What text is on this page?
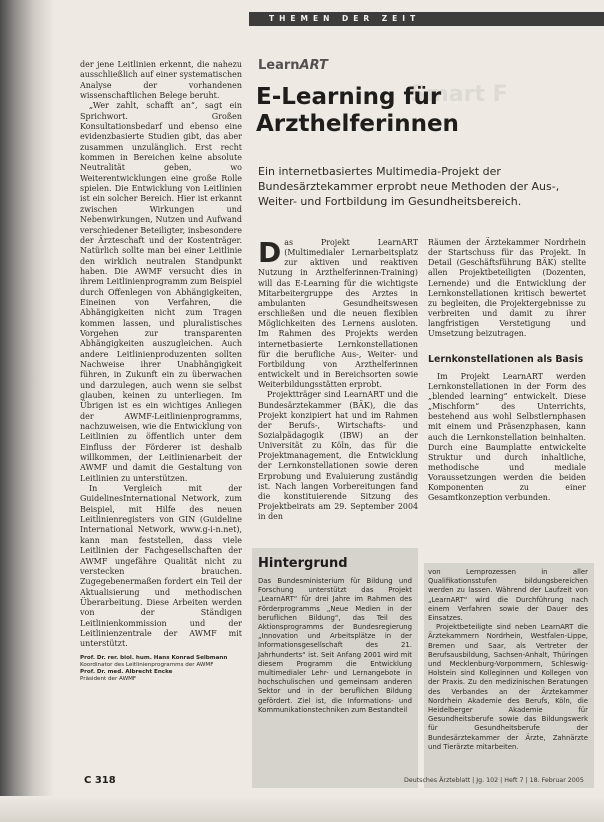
THEMEN DER ZEIT

der jene Leitlinien erkennt, die nahezu ausschließlich auf einer systematischen Analyse der vorhandenen wissenschaftlichen Belege beruht.

„Wer zahlt, schafft an“, sagt ein Sprichwort. Großen Konsultationsbedarf und ebenso eine evidenzbasierte Studien gibt, das aber zusammen unzulänglich. Erst recht kommen in Bereichen keine absolute Neutralität geben, wo Weiterentwicklungen eine große Rolle spielen. Die Entwicklung von Leitlinien ist ein solcher Bereich. Hier ist erkannt zwischen Wirkungen und Nebenwirkungen, Nutzen und Aufwand verschiedener Beteiligter, insbesondere der Ärzteschaft und der Kostenträger. Natürlich sollte man bei einer Leitlinie den wirklich neutralen Standpunkt haben. Die AWMF versucht dies in ihrem Leitlinienprogramm zum Beispiel durch Offenlegen von Abhängigkeiten, Eineinen von Verfahren, die Abhängigkeiten nicht zum Tragen kommen lassen, und pluralistisches Vorgehen zur transparenten Abhängigkeiten auszugleichen. Auch andere Leitlinienproduzenten sollten Nachweise ihrer Unabhängigkeit führen, in Zukunft ein zu überwachen und darzulegen, auch wenn sie selbst glauben, keinen zu unterliegen. Im Übrigen ist es ein wichtiges Anliegen der AWMF-Leitlinienprogramms, nachzuweisen, wie die Entwicklung von Leitlinien zu öffentlich unter dem Einfluss der Förderer ist deshalb willkommen, der Leitlinienarbeit der AWMF und damit die Gestaltung von Leitlinien zu unterstützen.

In Vergleich mit der GuidelinesInternational Network, zum Beispiel, mit Hilfe des neuen Leitlinienregisters von GIN (Guideline International Network, www.g-i-n.net), kann man feststellen, dass viele Leitlinien der Fachgesellschaften der AWMF ungefähre Qualität nicht zu verstecken brauchen. Zugegebenermaßen fordert ein Teil der Aktualisierung und methodischen Überarbeitung. Diese Arbeiten werden von der Ständigen Leitlinienkommission und der Leitlinienzentrale der AWMF mit unterstützt.

Prof. Dr. rer. biol. hum. Hans Konrad Selbmann
Koordinator des Leitlinienprogramms der AWMF
Prof. Dr. med. Albrecht Encke
Präsident der AWMF
Smart F
LearnART
E-Learning für
Arzthelferinnen
Ein internetbasiertes Multimedia-Projekt der Bundesärztekammer erprobt neue Methoden der Aus-, Weiter- und Fortbildung im Gesundheitsbereich.

Das Projekt LearnART (Multimedialer Lernarbeitsplatz zur aktiven und reaktiven Nutzung in Arzthelferinnen-Training) will das E-Learning für die wichtigste Mitarbeitergruppe des Arztes in ambulanten Gesundheitswesen erschließen und die neuen flexiblen Möglichkeiten des Lernens ausloten. Im Rahmen des Projekts werden internetbasierte Lernkonstellationen für die berufliche Aus-, Weiter- und Fortbildung von Arzthelferinnen entwickelt und in Bereichsorten sowie Weiterbildungsstätten erprobt.

Projektträger sind LearnART und die Bundesärztekammer (BÄK), die das Projekt konzipiert hat und im Rahmen der Berufs-, Wirtschafts- und Sozialpädagogik (IBW) an der Universität zu Köln, das für die Projektmanagement, die Entwicklung der Lernkonstellationen sowie deren Erprobung und Evaluierung zuständig ist. Nach langen Vorbereitungen fand die konstituierende Sitzung des Projektbeirats am 29. September 2004 in den

Räumen der Ärztekammer Nordrhein der Startschuss für das Projekt. In Detail (Geschäftsführung BÄK) stellte allen Projektbeteiligten (Dozenten, Lernende) und die Entwicklung der Lernkonstellationen kritisch bewertet zu begleiten, die Projektergebnisse zu verbreiten und damit zu ihrer langfristigen Verstetigung und Umsetzung beizutragen.

Lernkonstellationen als Basis

Im Projekt LearnART werden Lernkonstellationen in der Form des „blended learning“ entwickelt. Diese „Mischform“ des Unterrichts, bestehend aus wohl Selbstlernphasen mit einem und Präsenzphasen, kann auch die Lernkonstellation beinhalten. Durch eine Baumplatte entwickelte Struktur und durch inhaltliche, methodische und mediale Voraussetzungen werden die beiden Komponenten zu einer Gesamtkonzeption verbunden.

Hintergrund

Das Bundesministerium für Bildung und Forschung unterstützt das Projekt „LearnART“ für drei Jahre im Rahmen des Förderprogramms „Neue Medien in der beruflichen Bildung“, das Teil des Aktionsprogramms der Bundesregierung „Innovation und Arbeitsplätze in der Informationsgesellschaft des 21. Jahrhunderts“ ist. Seit Anfang 2001 wird mit diesem Programm die Entwicklung multimedialer Lehr- und Lernangebote in hochschulischen und gemeinsam anderen Sektor und in der beruflichen Bildung gefördert. Ziel ist, die Informations- und Kommunikationstechniken zum Bestandteil

von Lernprozessen in aller Qualifikationsstufen bildungsbereichen werden zu lassen. Während der Laufzeit von „LearnART“ wird die Durchführung nach einem Verfahren sowie der Dauer des Einsatzes.

Projektbeteiligte sind neben LearnART die Ärztekammern Nordrhein, Westfalen-Lippe, Bremen und Saar, als Vertreter der Berufsausbildung, Sachsen-Anhalt, Thüringen und Mecklenburg-Vorpommern, Schleswig-Holstein sind Kolleginnen und Kollegen von der Praxis. Zu den medizinischen Beratungen des Verbandes an der Ärztekammer Nordrhein Akademie des Berufs, Köln, die Heidelberger Akademie für Gesundheitsberufe sowie das Bildungswerk für Gesundheitsberufe der Bundesärztekammer der Ärzte, Zahnärzte und Tierärzte mitarbeiten.

C 318	Deutsches Ärzteblatt | Jg. 102 | Heft 7 | 18. Februar 2005
